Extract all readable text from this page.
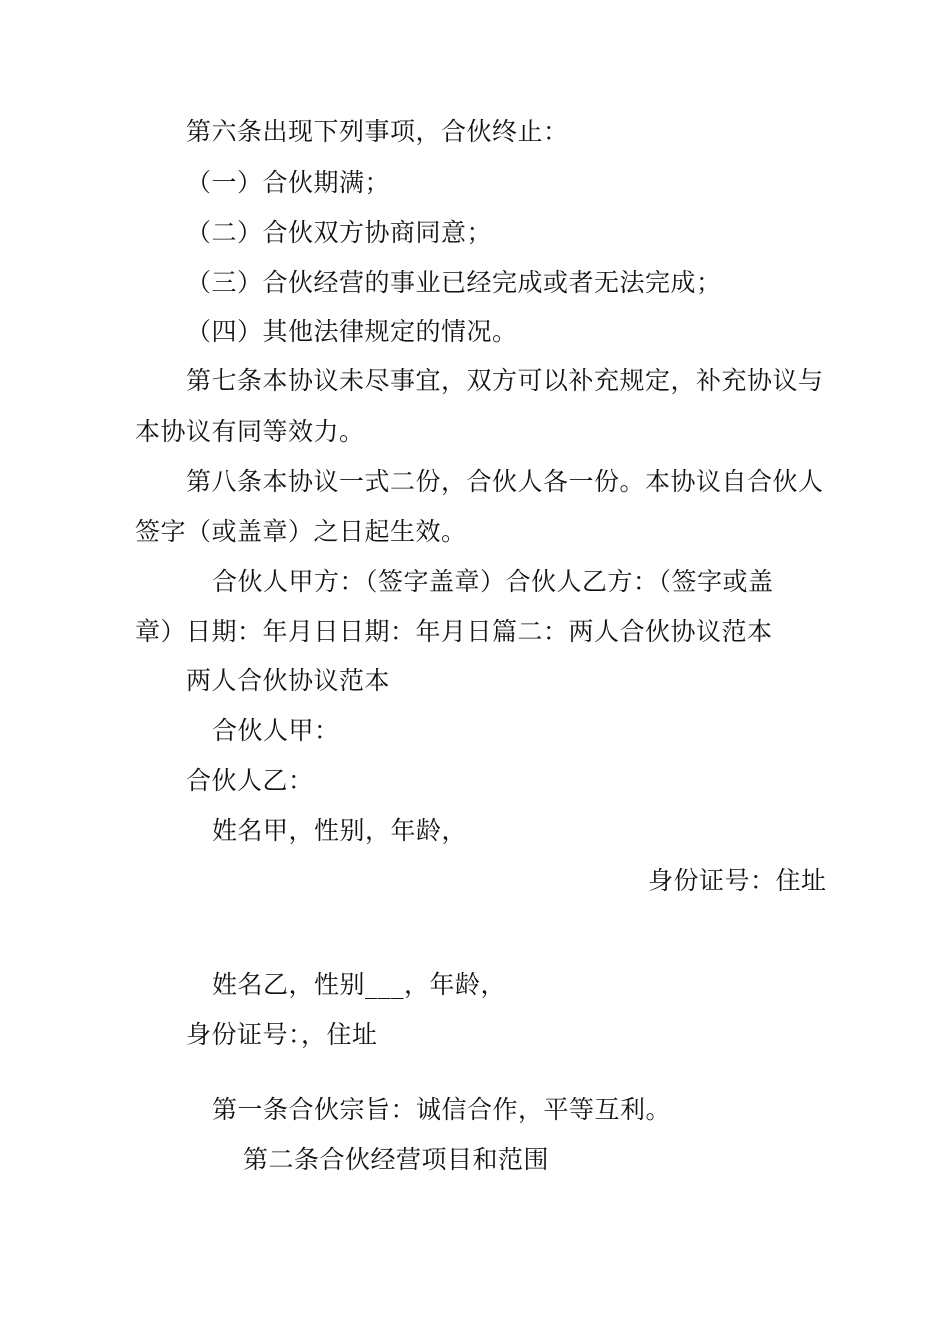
第六条出现下列事项，合伙终止：
（一）合伙期满；
（二）合伙双方协商同意；
（三）合伙经营的事业已经完成或者无法完成；
（四）其他法律规定的情况。
第七条本协议未尽事宜，双方可以补充规定，补充协议与
本协议有同等效力。
第八条本协议一式二份，合伙人各一份。本协议自合伙人
签字（或盖章）之日起生效。
合伙人甲方：（签字盖章）合伙人乙方：（签字或盖
章）日期：年月日日期：年月日篇二：两人合伙协议范本
两人合伙协议范本
合伙人甲：
合伙人乙：
姓名甲，性别，年龄，
身份证号：住址
姓名乙，性别___，年龄，
身份证号：，住址
第一条合伙宗旨：诚信合作，平等互利。
第二条合伙经营项目和范围
